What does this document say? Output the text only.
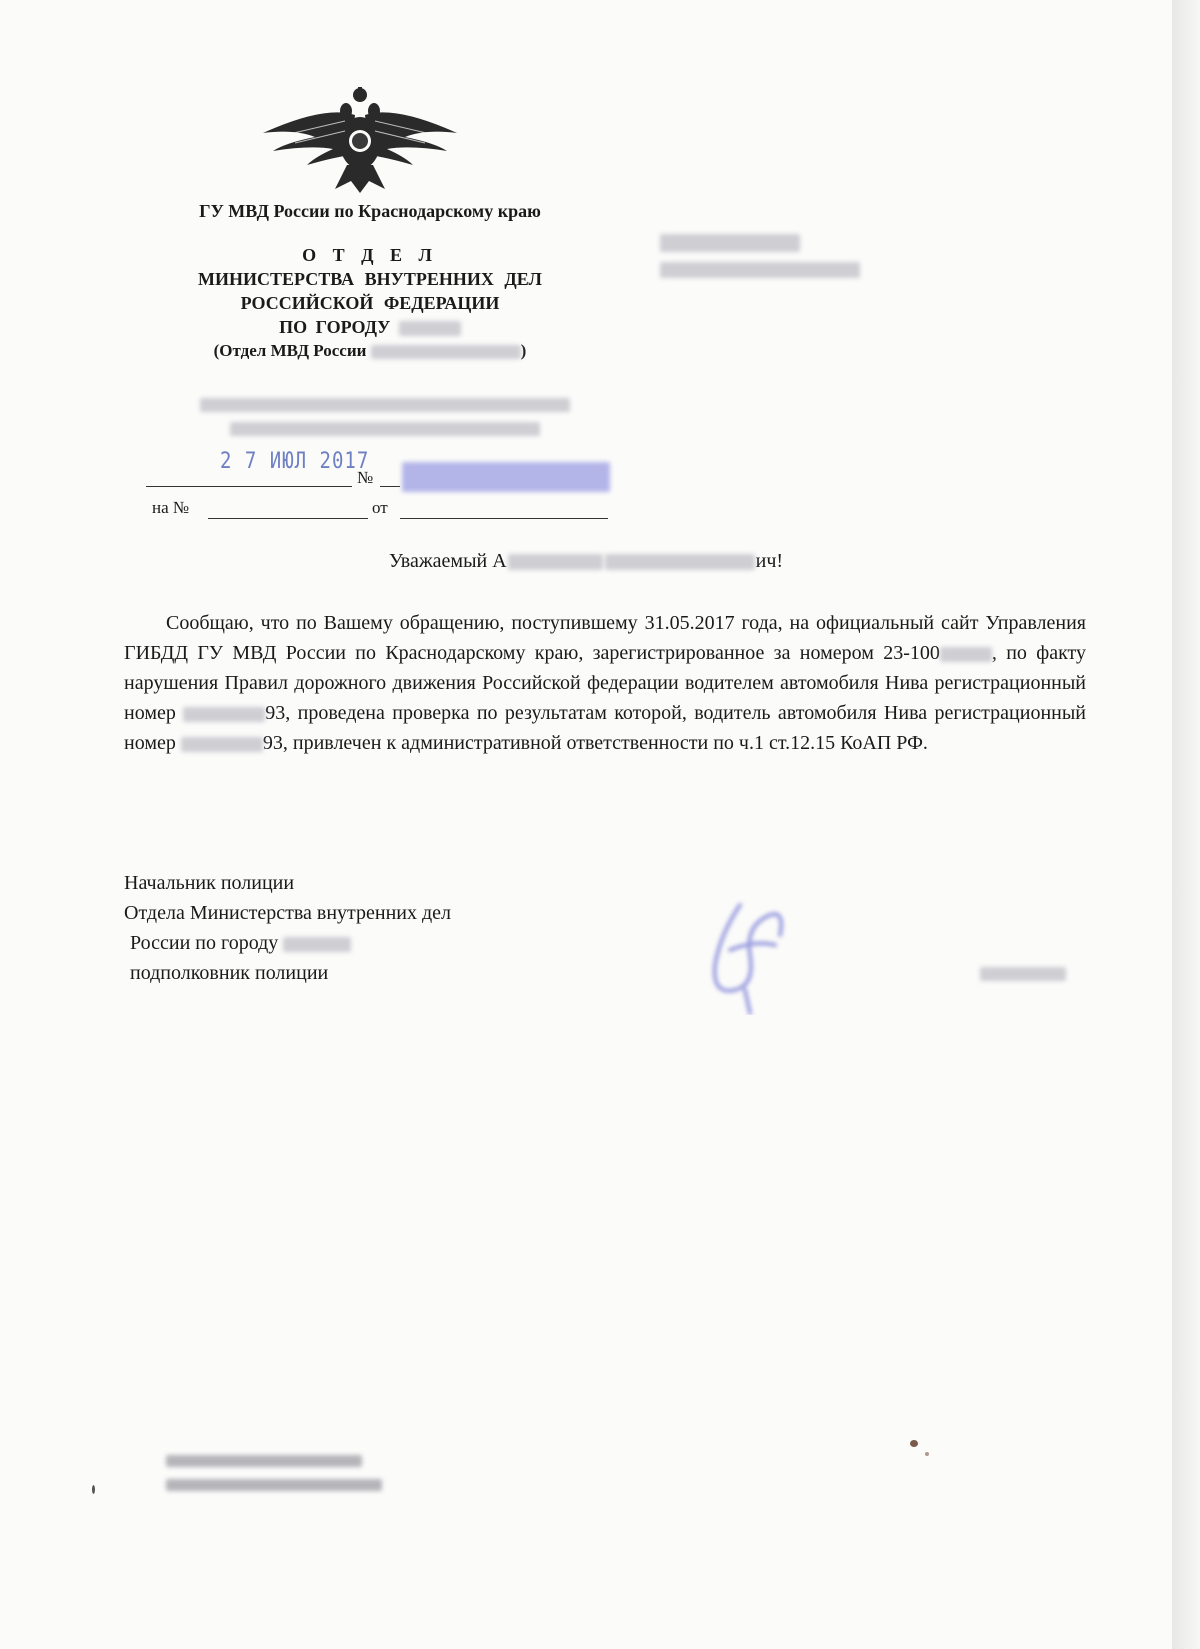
ГУ МВД России по Краснодарскому краю
О Т Д Е Л
МИНИСТЕРСТВА ВНУТРЕННИХ ДЕЛ
РОССИЙСКОЙ ФЕДЕРАЦИИ
ПО ГОРОДУ
(Отдел МВД России	)
2 7 ИЮЛ 2017
№
на №	от
Уважаемый А	ич!
Сообщаю, что по Вашему обращению, поступившему 31.05.2017 года, на официальный сайт Управления ГИБДД ГУ МВД России по Краснодарскому краю, зарегистрированное за номером 23-100	, по факту нарушения Правил дорожного движения Российской федерации водителем автомобиля Нива регистрационный номер	93, проведена проверка по результатам которой, водитель автомобиля Нива регистрационный номер	93, привлечен к административной ответственности по ч.1 ст.12.15 КоАП РФ.
Начальник полиции
Отдела Министерства внутренних дел
России по городу
подполковник полиции
